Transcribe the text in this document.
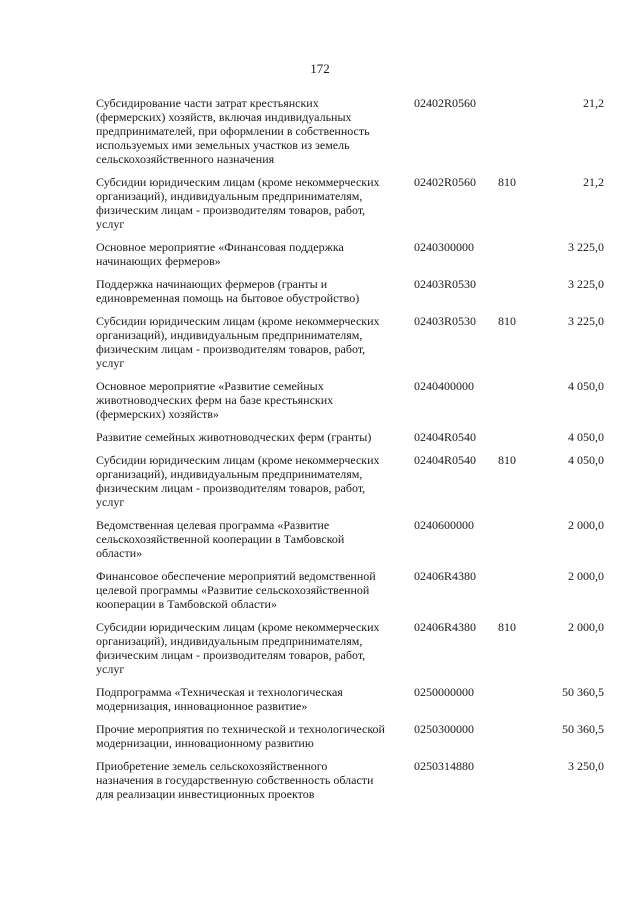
172
Субсидирование части затрат крестьянских (фермерских) хозяйств, включая индивидуальных предпринимателей, при оформлении в собственность используемых ими земельных участков из земель сельскохозяйственного назначения
02402R0560	21,2
Субсидии юридическим лицам (кроме некоммерческих организаций), индивидуальным предпринимателям, физическим лицам - производителям товаров, работ, услуг
02402R0560 810	21,2
Основное мероприятие «Финансовая поддержка начинающих фермеров»
0240300000	3 225,0
Поддержка начинающих фермеров (гранты и единовременная помощь на бытовое обустройство)
02403R0530	3 225,0
Субсидии юридическим лицам (кроме некоммерческих организаций), индивидуальным предпринимателям, физическим лицам - производителям товаров, работ, услуг
02403R0530 810	3 225,0
Основное мероприятие «Развитие семейных животноводческих ферм на базе крестьянских (фермерских) хозяйств»
0240400000	4 050,0
Развитие семейных животноводческих ферм (гранты)	02404R0540	4 050,0
Субсидии юридическим лицам (кроме некоммерческих организаций), индивидуальным предпринимателям, физическим лицам - производителям товаров, работ, услуг
02404R0540 810	4 050,0
Ведомственная целевая программа «Развитие сельскохозяйственной кооперации в Тамбовской области»
0240600000	2 000,0
Финансовое обеспечение мероприятий ведомственной целевой программы «Развитие сельскохозяйственной кооперации в Тамбовской области»
02406R4380	2 000,0
Субсидии юридическим лицам (кроме некоммерческих организаций), индивидуальным предпринимателям, физическим лицам - производителям товаров, работ, услуг
02406R4380 810	2 000,0
Подпрограмма «Техническая и технологическая модернизация, инновационное развитие»
0250000000	50 360,5
Прочие мероприятия по технической и технологической модернизации, инновационному развитию
0250300000	50 360,5
Приобретение земель сельскохозяйственного назначения в государственную собственность области для реализации инвестиционных проектов
0250314880	3 250,0
